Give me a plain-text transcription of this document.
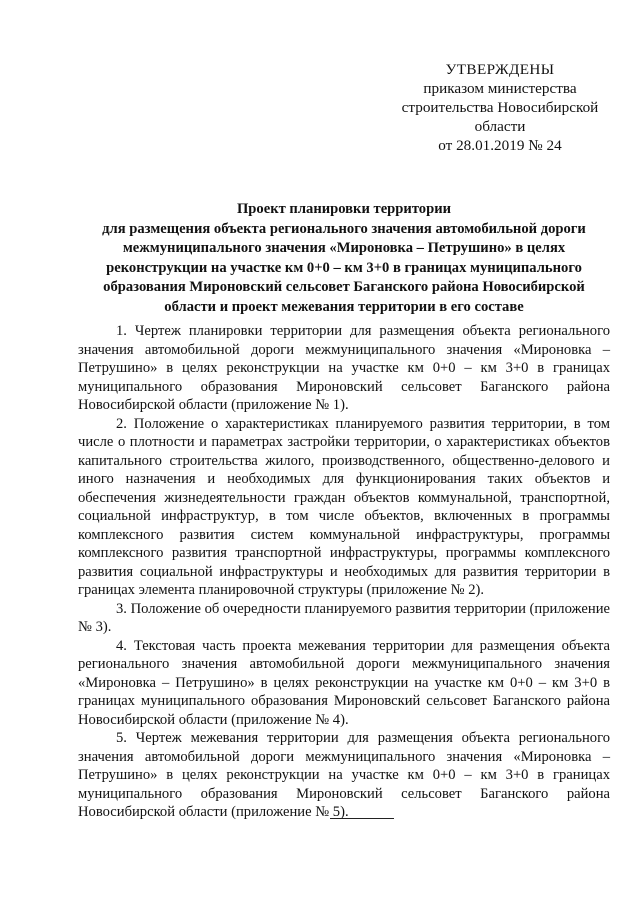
УТВЕРЖДЕНЫ
приказом министерства
строительства Новосибирской
области
от 28.01.2019 № 24
Проект планировки территории
для размещения объекта регионального значения автомобильной дороги
межмуниципального значения «Мироновка – Петрушино» в целях
реконструкции на участке км 0+0 – км 3+0 в границах муниципального
образования Мироновский сельсовет Баганского района Новосибирской
области и проект межевания территории в его составе

1. Чертеж планировки территории для размещения объекта регионального значения автомобильной дороги межмуниципального значения «Мироновка – Петрушино» в целях реконструкции на участке км 0+0 – км 3+0 в границах муниципального образования Мироновский сельсовет Баганского района Новосибирской области (приложение № 1).

2. Положение о характеристиках планируемого развития территории, в том числе о плотности и параметрах застройки территории, о характеристиках объектов капитального строительства жилого, производственного, общественно-делового и иного назначения и необходимых для функционирования таких объектов и обеспечения жизнедеятельности граждан объектов коммунальной, транспортной, социальной инфраструктур, в том числе объектов, включенных в программы комплексного развития систем коммунальной инфраструктуры, программы комплексного развития транспортной инфраструктуры, программы комплексного развития социальной инфраструктуры и необходимых для развития территории в границах элемента планировочной структуры (приложение № 2).

3. Положение об очередности планируемого развития территории (приложение № 3).

4. Текстовая часть проекта межевания территории для размещения объекта регионального значения автомобильной дороги межмуниципального значения «Мироновка – Петрушино» в целях реконструкции на участке км 0+0 – км 3+0 в границах муниципального образования Мироновский сельсовет Баганского района Новосибирской области (приложение № 4).

5. Чертеж межевания территории для размещения объекта регионального значения автомобильной дороги межмуниципального значения «Мироновка – Петрушино» в целях реконструкции на участке км 0+0 – км 3+0 в границах муниципального образования Мироновский сельсовет Баганского района Новосибирской области (приложение № 5).
